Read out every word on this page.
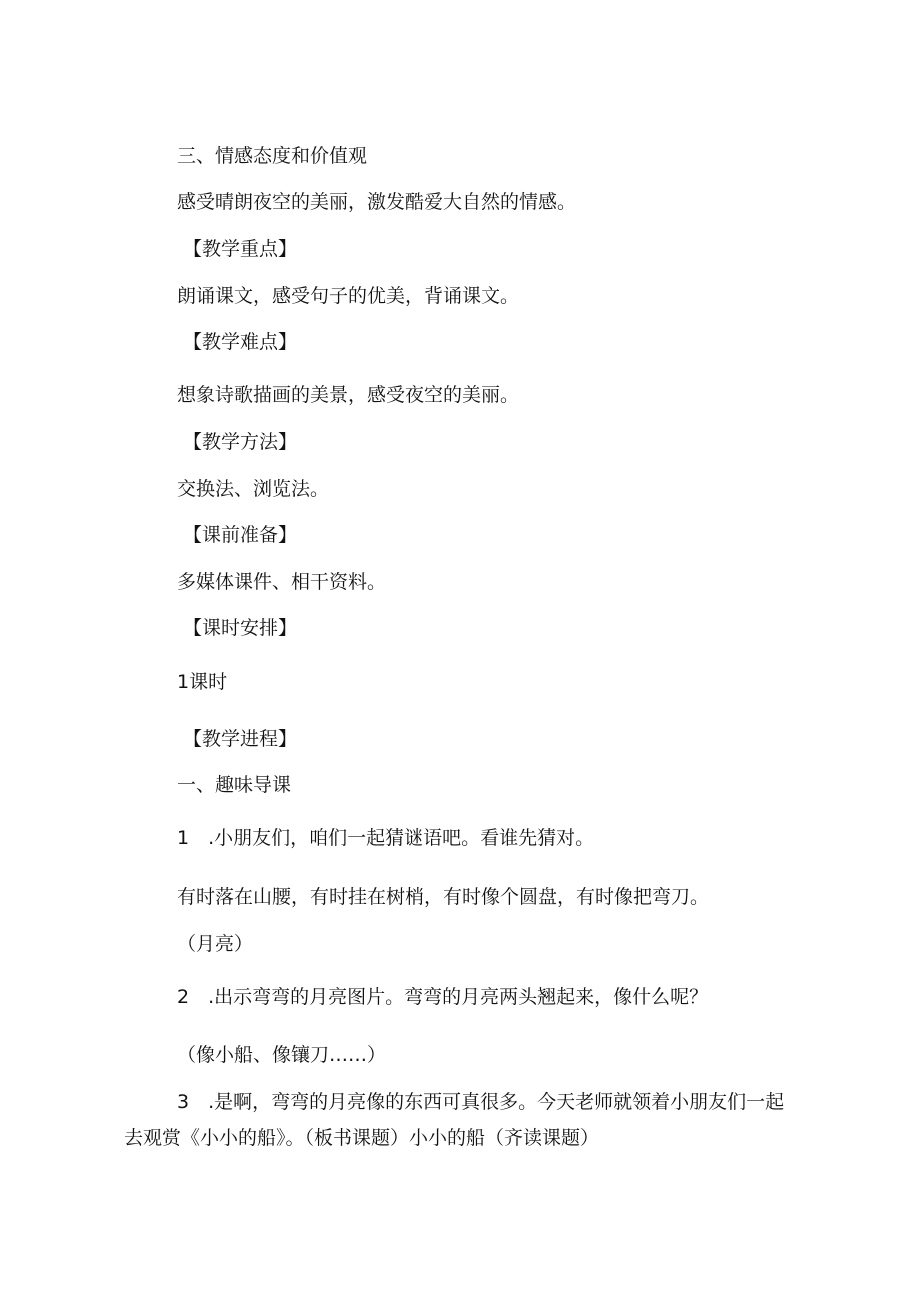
三、情感态度和价值观
感受晴朗夜空的美丽，激发酷爱大自然的情感。
【教学重点】
朗诵课文，感受句子的优美，背诵课文。
【教学难点】
想象诗歌描画的美景，感受夜空的美丽。
【教学方法】
交换法、浏览法。
【课前准备】
多媒体课件、相干资料。
【课时安排】
1课时
【教学进程】
一、趣味导课
1　.小朋友们，咱们一起猜谜语吧。看谁先猜对。
有时落在山腰，有时挂在树梢，有时像个圆盘，有时像把弯刀。
（月亮）
2　.出示弯弯的月亮图片。弯弯的月亮两头翘起来，像什么呢？
（像小船、像镶刀……）
3　.是啊，弯弯的月亮像的东西可真很多。今天老师就领着小朋友们一起
去观赏《小小的船》。（板书课题）小小的船（齐读课题）
